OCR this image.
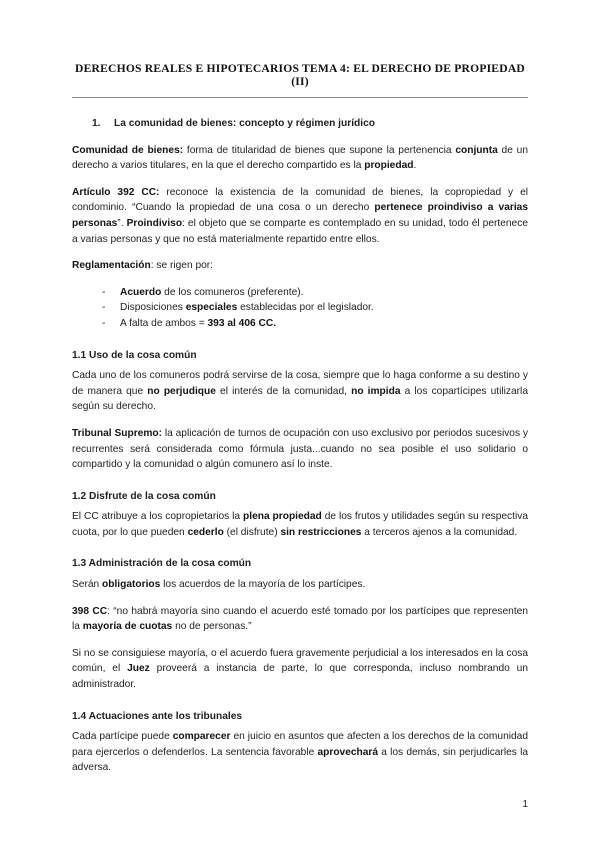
DERECHOS REALES E HIPOTECARIOS TEMA 4: EL DERECHO DE PROPIEDAD (II)
1. La comunidad de bienes: concepto y régimen jurídico

Comunidad de bienes: forma de titularidad de bienes que supone la pertenencia conjunta de un derecho a varios titulares, en la que el derecho compartido es la propiedad.

Artículo 392 CC: reconoce la existencia de la comunidad de bienes, la copropiedad y el condominio. “Cuando la propiedad de una cosa o un derecho pertenece proindiviso a varias personas”. Proindiviso: el objeto que se comparte es contemplado en su unidad, todo él pertenece a varias personas y que no está materialmente repartido entre ellos.

Reglamentación: se rigen por:

-	Acuerdo de los comuneros (preferente).
-	Disposiciones especiales establecidas por el legislador.
-	A falta de ambos = 393 al 406 CC.
1.1 Uso de la cosa común

Cada uno de los comuneros podrá servirse de la cosa, siempre que lo haga conforme a su destino y de manera que no perjudique el interés de la comunidad, no impida a los copartícipes utilizarla según su derecho.

Tribunal Supremo: la aplicación de turnos de ocupación con uso exclusivo por periodos sucesivos y recurrentes será considerada como fórmula justa...cuando no sea posible el uso solidario o compartido y la comunidad o algún comunero así lo inste.

1.2 Disfrute de la cosa común

El CC atribuye a los copropietarios la plena propiedad de los frutos y utilidades según su respectiva cuota, por lo que pueden cederlo (el disfrute) sin restricciones a terceros ajenos a la comunidad.

1.3 Administración de la cosa común

Serán obligatorios los acuerdos de la mayoría de los partícipes.

398 CC: “no habrá mayoría sino cuando el acuerdo esté tomado por los partícipes que representen la mayoría de cuotas no de personas.”

Si no se consiguiese mayoría, o el acuerdo fuera gravemente perjudicial a los interesados en la cosa común, el Juez proveerá a instancia de parte, lo que corresponda, incluso nombrando un administrador.

1.4 Actuaciones ante los tribunales

Cada partícipe puede comparecer en juicio en asuntos que afecten a los derechos de la comunidad para ejercerlos o defenderlos. La sentencia favorable aprovechará a los demás, sin perjudicarles la adversa.

1
